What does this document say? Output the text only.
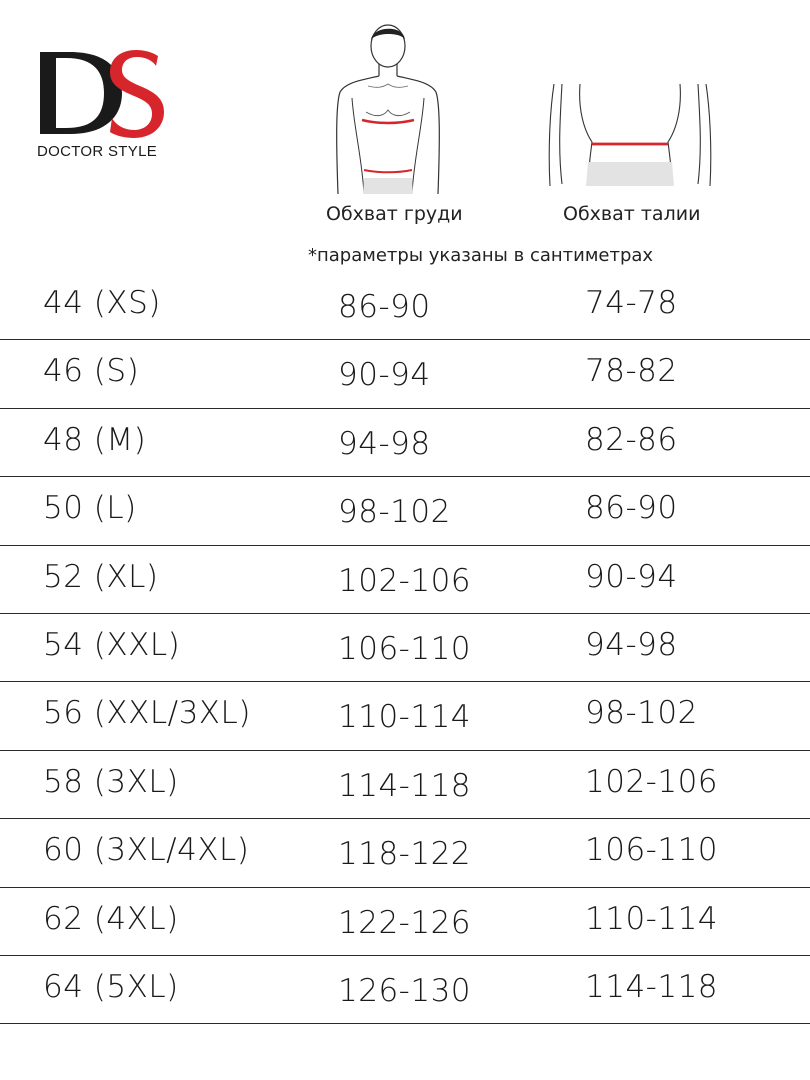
DOCTOR STYLE
Обхват груди	Обхват талии
*параметры указаны в сантиметрах
44 (XS)	86-90	74-78
46 (S)	90-94	78-82
48 (M)	94-98	82-86
50 (L)	98-102	86-90
52 (XL)	102-106	90-94
54 (XXL)	106-110	94-98
56 (XXL/3XL)	110-114	98-102
58 (3XL)	114-118	102-106
60 (3XL/4XL)	118-122	106-110
62 (4XL)	122-126	110-114
64 (5XL)	126-130	114-118
